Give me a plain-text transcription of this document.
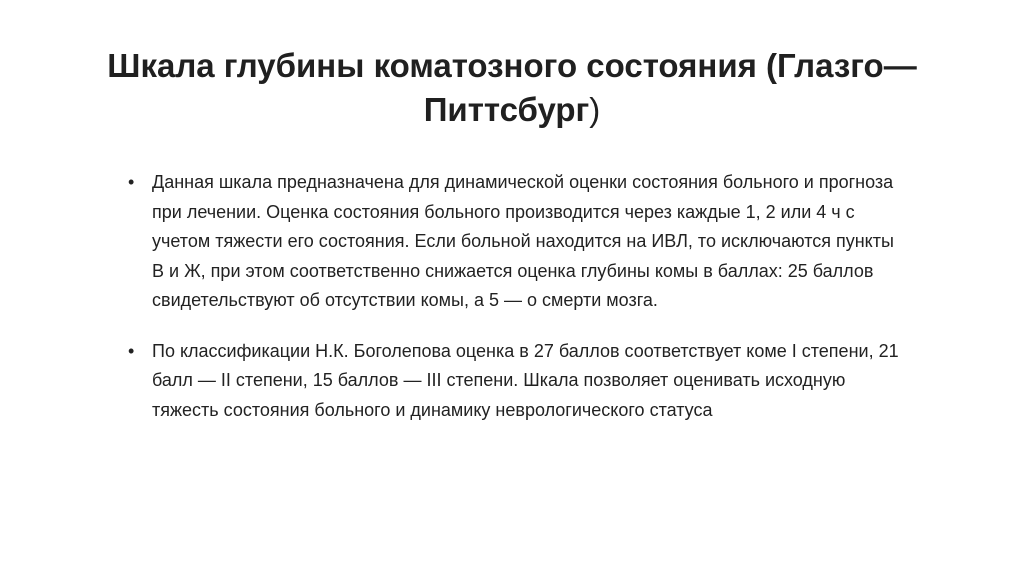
Шкала глубины коматозного состояния (Глазго—Питтсбург)
• Данная шкала предназначена для динамической оценки состояния больного и прогноза при лечении. Оценка состояния больного производится через каждые 1, 2 или 4 ч с учетом тяжести его состояния. Если больной находится на ИВЛ, то исключаются пункты В и Ж, при этом соответственно снижается оценка глубины комы в баллах: 25 баллов свидетельствуют об отсутствии комы, а 5 — о смерти мозга.
• По классификации Н.К. Боголепова оценка в 27 баллов соответствует коме I степени, 21 балл — II степени, 15 баллов — III степени. Шкала позволяет оценивать исходную тяжесть состояния больного и динамику неврологического статуса
